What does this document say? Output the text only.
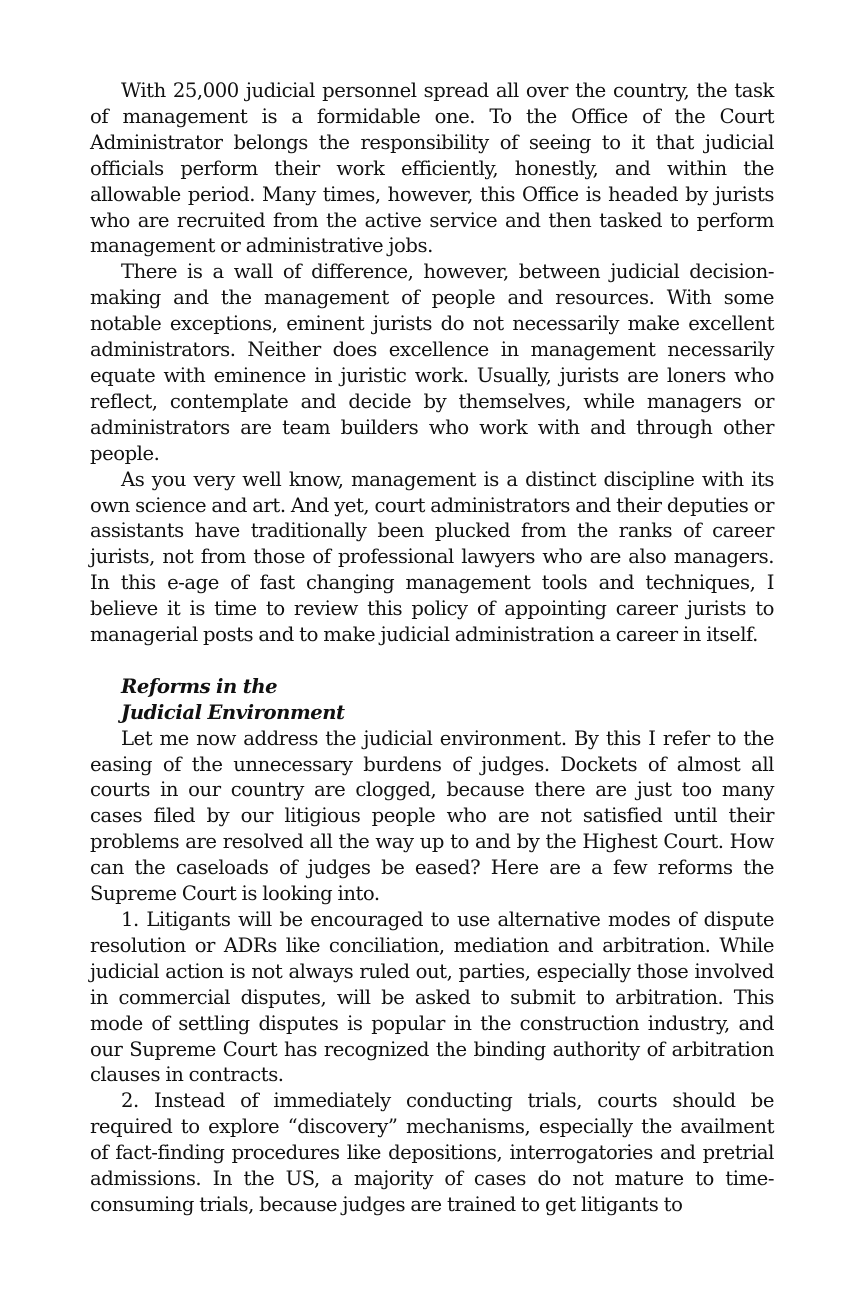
With 25,000 judicial personnel spread all over the country, the task of management is a formidable one. To the Office of the Court Administrator belongs the responsibility of seeing to it that judicial officials perform their work efficiently, honestly, and within the allowable period. Many times, however, this Office is headed by jurists who are recruited from the active service and then tasked to perform management or administrative jobs.

There is a wall of difference, however, between judicial decision-making and the management of people and resources. With some notable exceptions, eminent jurists do not necessarily make excellent administrators. Neither does excellence in management necessarily equate with eminence in juristic work. Usually, jurists are loners who reflect, contemplate and decide by themselves, while managers or administrators are team builders who work with and through other people.

As you very well know, management is a distinct discipline with its own science and art. And yet, court administrators and their deputies or assistants have traditionally been plucked from the ranks of career jurists, not from those of professional lawyers who are also managers. In this e-age of fast changing management tools and techniques, I believe it is time to review this policy of appointing career jurists to managerial posts and to make judicial administration a career in itself.

Reforms in the
Judicial Environment

Let me now address the judicial environment. By this I refer to the easing of the unnecessary burdens of judges. Dockets of almost all courts in our country are clogged, because there are just too many cases filed by our litigious people who are not satisfied until their problems are resolved all the way up to and by the Highest Court. How can the caseloads of judges be eased? Here are a few reforms the Supreme Court is looking into.

1. Litigants will be encouraged to use alternative modes of dispute resolution or ADRs like conciliation, mediation and arbitration. While judicial action is not always ruled out, parties, especially those involved in commercial disputes, will be asked to submit to arbitration. This mode of settling disputes is popular in the construction industry, and our Supreme Court has recognized the binding authority of arbitration clauses in contracts.

2. Instead of immediately conducting trials, courts should be required to explore “discovery” mechanisms, especially the availment of fact-finding procedures like depositions, interrogatories and pretrial admissions. In the US, a majority of cases do not mature to time-consuming trials, because judges are trained to get litigants to
